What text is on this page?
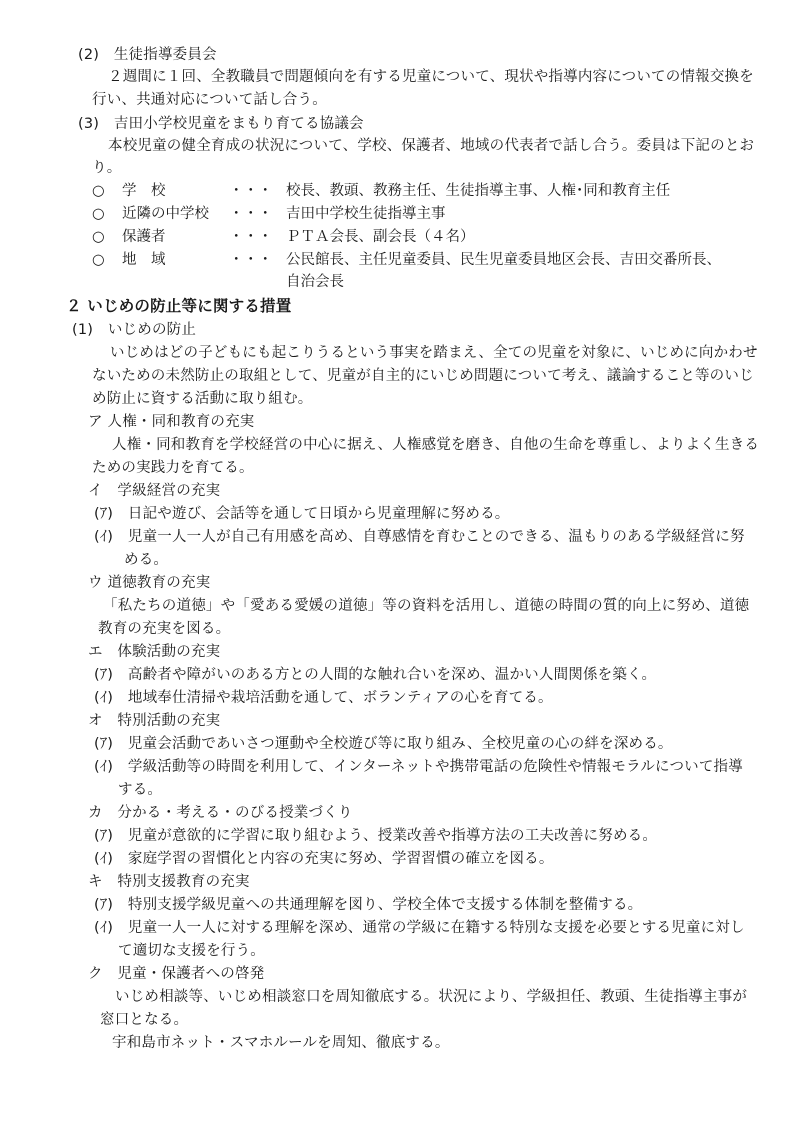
(2)　生徒指導委員会
２週間に１回、全教職員で問題傾向を有する児童について、現状や指導内容についての情報交換を
行い、共通対応について話し合う。
(3)　吉田小学校児童をまもり育てる協議会
本校児童の健全育成の状況について、学校、保護者、地域の代表者で話し合う。委員は下記のとお
り。
○ 学　校	・・・ 校長、教頭、教務主任、生徒指導主事、人権･同和教育主任
○ 近隣の中学校 ・・・ 吉田中学校生徒指導主事
○ 保護者	・・・ ＰＴＡ会長、副会長（４名）
○ 地　域	・・・ 公民館長、主任児童委員、民生児童委員地区会長、吉田交番所長、
自治会長
２ いじめの防止等に関する措置
(1)　いじめの防止
いじめはどの子どもにも起こりうるという事実を踏まえ、全ての児童を対象に、いじめに向かわせ
ないための未然防止の取組として、児童が自主的にいじめ問題について考え、議論すること等のいじ
め防止に資する活動に取り組む。
ア 人権・同和教育の充実
人権・同和教育を学校経営の中心に据え、人権感覚を磨き、自他の生命を尊重し、よりよく生きる
ための実践力を育てる。
イ　学級経営の充実
(ｱ)　日記や遊び、会話等を通して日頃から児童理解に努める。
(ｲ)　児童一人一人が自己有用感を高め、自尊感情を育むことのできる、温もりのある学級経営に努
める。
ウ 道徳教育の充実
「私たちの道徳」や「愛ある愛媛の道徳」等の資料を活用し、道徳の時間の質的向上に努め、道徳
教育の充実を図る。
エ　体験活動の充実
(ｱ)　高齢者や障がいのある方との人間的な触れ合いを深め、温かい人間関係を築く。
(ｲ)　地域奉仕清掃や栽培活動を通して、ボランティアの心を育てる。
オ　特別活動の充実
(ｱ)　児童会活動であいさつ運動や全校遊び等に取り組み、全校児童の心の絆を深める。
(ｲ)　学級活動等の時間を利用して、インターネットや携帯電話の危険性や情報モラルについて指導
する。
カ　分かる・考える・のびる授業づくり
(ｱ)　児童が意欲的に学習に取り組むよう、授業改善や指導方法の工夫改善に努める。
(ｲ)　家庭学習の習慣化と内容の充実に努め、学習習慣の確立を図る。
キ　特別支援教育の充実
(ｱ)　特別支援学級児童への共通理解を図り、学校全体で支援する体制を整備する。
(ｲ)　児童一人一人に対する理解を深め、通常の学級に在籍する特別な支援を必要とする児童に対し
て適切な支援を行う。
ク　児童・保護者への啓発
いじめ相談等、いじめ相談窓口を周知徹底する。状況により、学級担任、教頭、生徒指導主事が
窓口となる。
宇和島市ネット・スマホルールを周知、徹底する。
